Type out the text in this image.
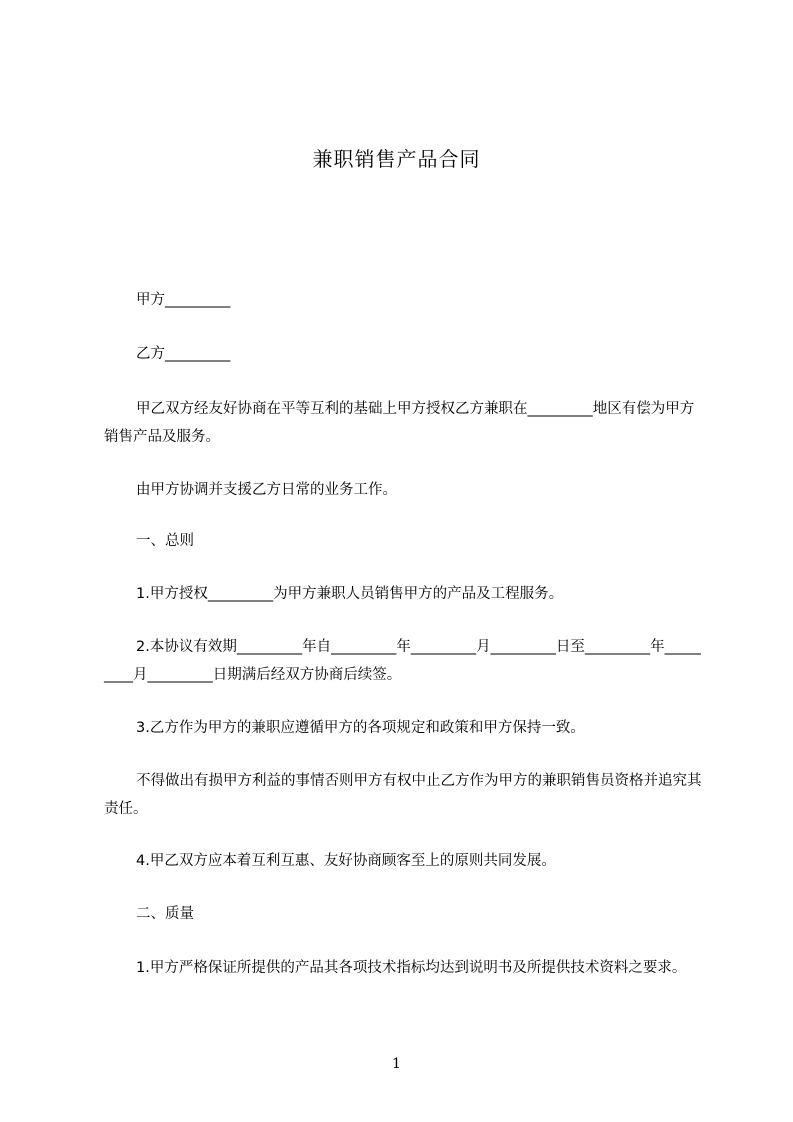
兼职销售产品合同

甲方_________

乙方_________

甲乙双方经友好协商在平等互利的基础上甲方授权乙方兼职在_________地区有偿为甲方销售产品及服务。

由甲方协调并支援乙方日常的业务工作。

一、总则

1.甲方授权_________为甲方兼职人员销售甲方的产品及工程服务。

2.本协议有效期_________年自_________年_________月_________日至_________年_________月_________日期满后经双方协商后续签。

3.乙方作为甲方的兼职应遵循甲方的各项规定和政策和甲方保持一致。

不得做出有损甲方利益的事情否则甲方有权中止乙方作为甲方的兼职销售员资格并追究其责任。

4.甲乙双方应本着互利互惠、友好协商顾客至上的原则共同发展。

二、质量

1.甲方严格保证所提供的产品其各项技术指标均达到说明书及所提供技术资料之要求。

1
